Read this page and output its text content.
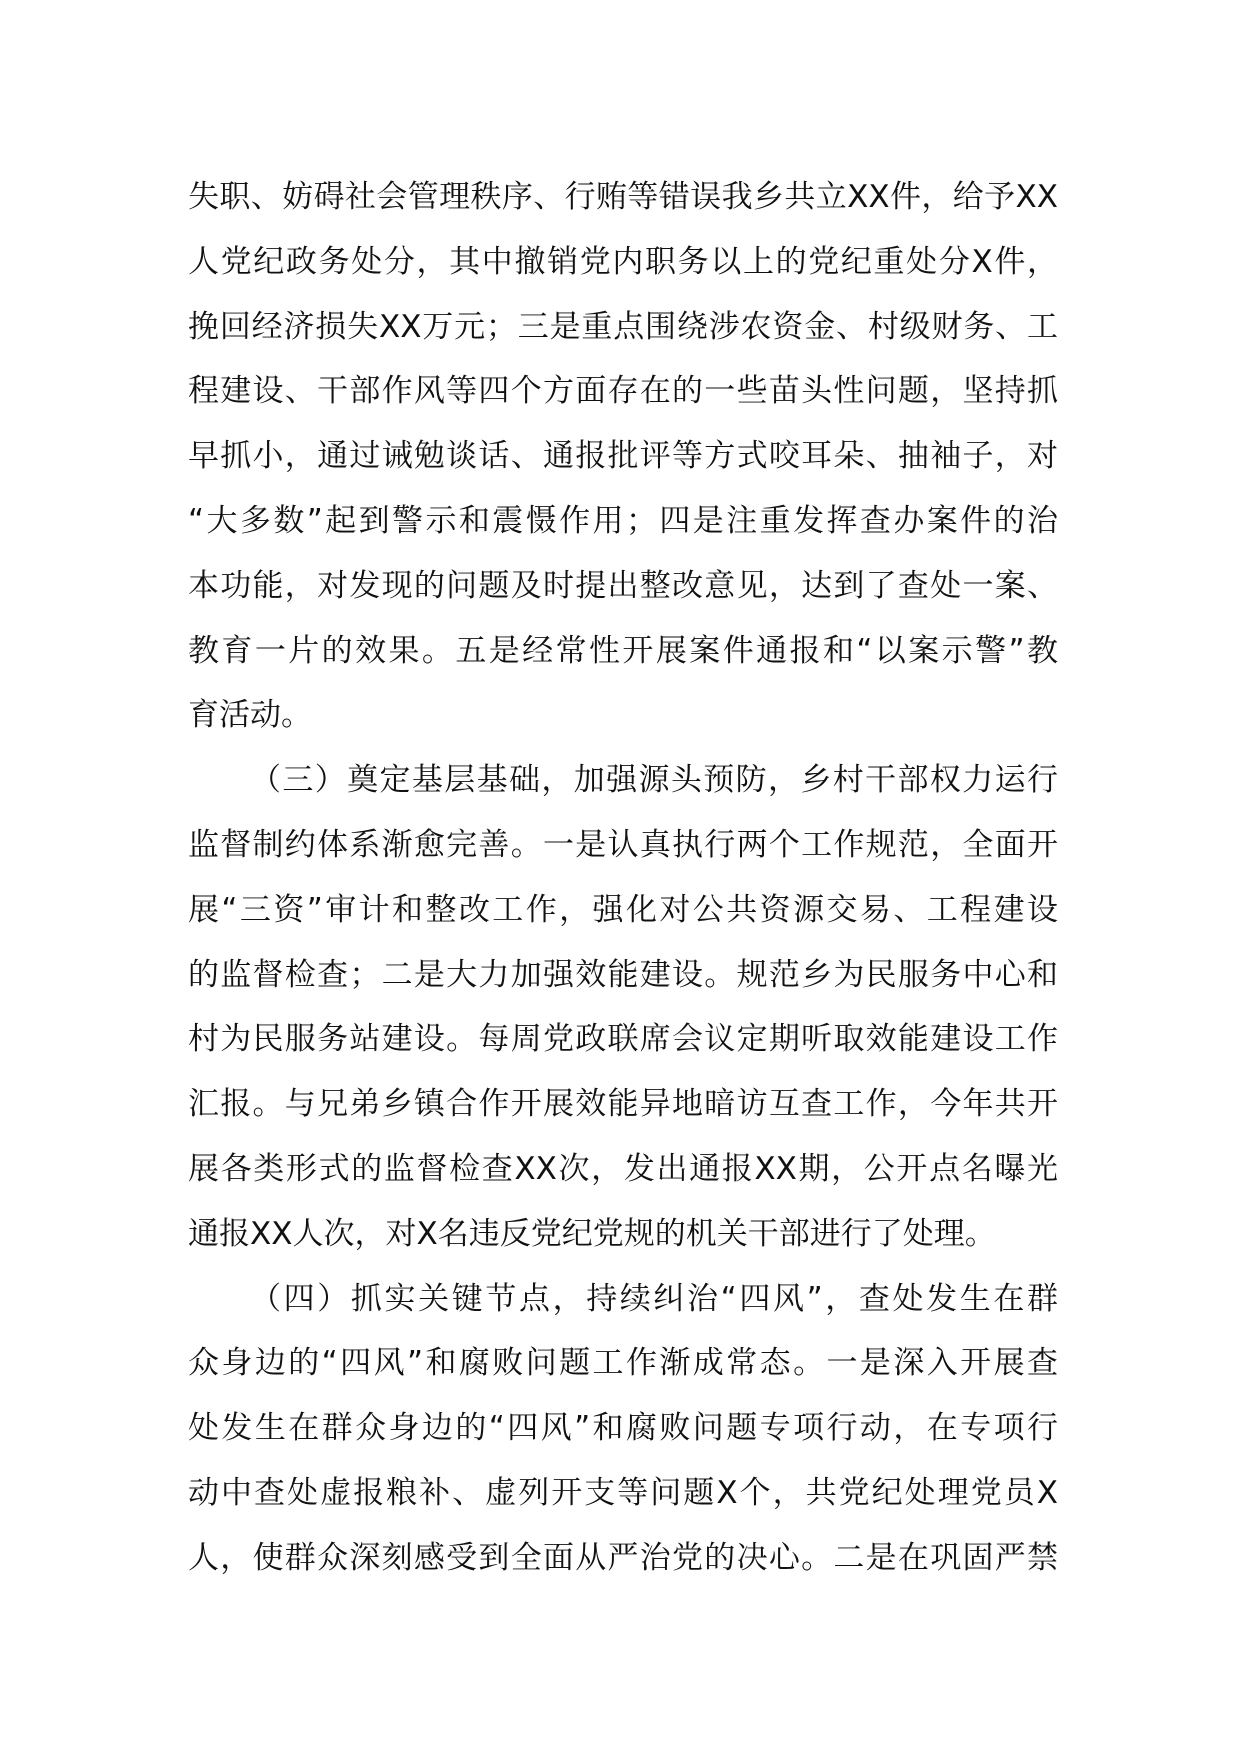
失职、妨碍社会管理秩序、行贿等错误我乡共立XX件，给予XX
人党纪政务处分，其中撤销党内职务以上的党纪重处分X件，
挽回经济损失XX万元；三是重点围绕涉农资金、村级财务、工
程建设、干部作风等四个方面存在的一些苗头性问题，坚持抓
早抓小，通过诫勉谈话、通报批评等方式咬耳朵、抽袖子，对
“大多数”起到警示和震慑作用；四是注重发挥查办案件的治
本功能，对发现的问题及时提出整改意见，达到了查处一案、
教育一片的效果。五是经常性开展案件通报和“以案示警”教
育活动。
（三）奠定基层基础，加强源头预防，乡村干部权力运行
监督制约体系渐愈完善。一是认真执行两个工作规范，全面开
展“三资”审计和整改工作，强化对公共资源交易、工程建设
的监督检查；二是大力加强效能建设。规范乡为民服务中心和
村为民服务站建设。每周党政联席会议定期听取效能建设工作
汇报。与兄弟乡镇合作开展效能异地暗访互查工作，今年共开
展各类形式的监督检查XX次，发出通报XX期，公开点名曝光
通报XX人次，对X名违反党纪党规的机关干部进行了处理。
（四）抓实关键节点，持续纠治“四风”，查处发生在群
众身边的“四风”和腐败问题工作渐成常态。一是深入开展查
处发生在群众身边的“四风”和腐败问题专项行动，在专项行
动中查处虚报粮补、虚列开支等问题X个，共党纪处理党员X
人，使群众深刻感受到全面从严治党的决心。二是在巩固严禁
